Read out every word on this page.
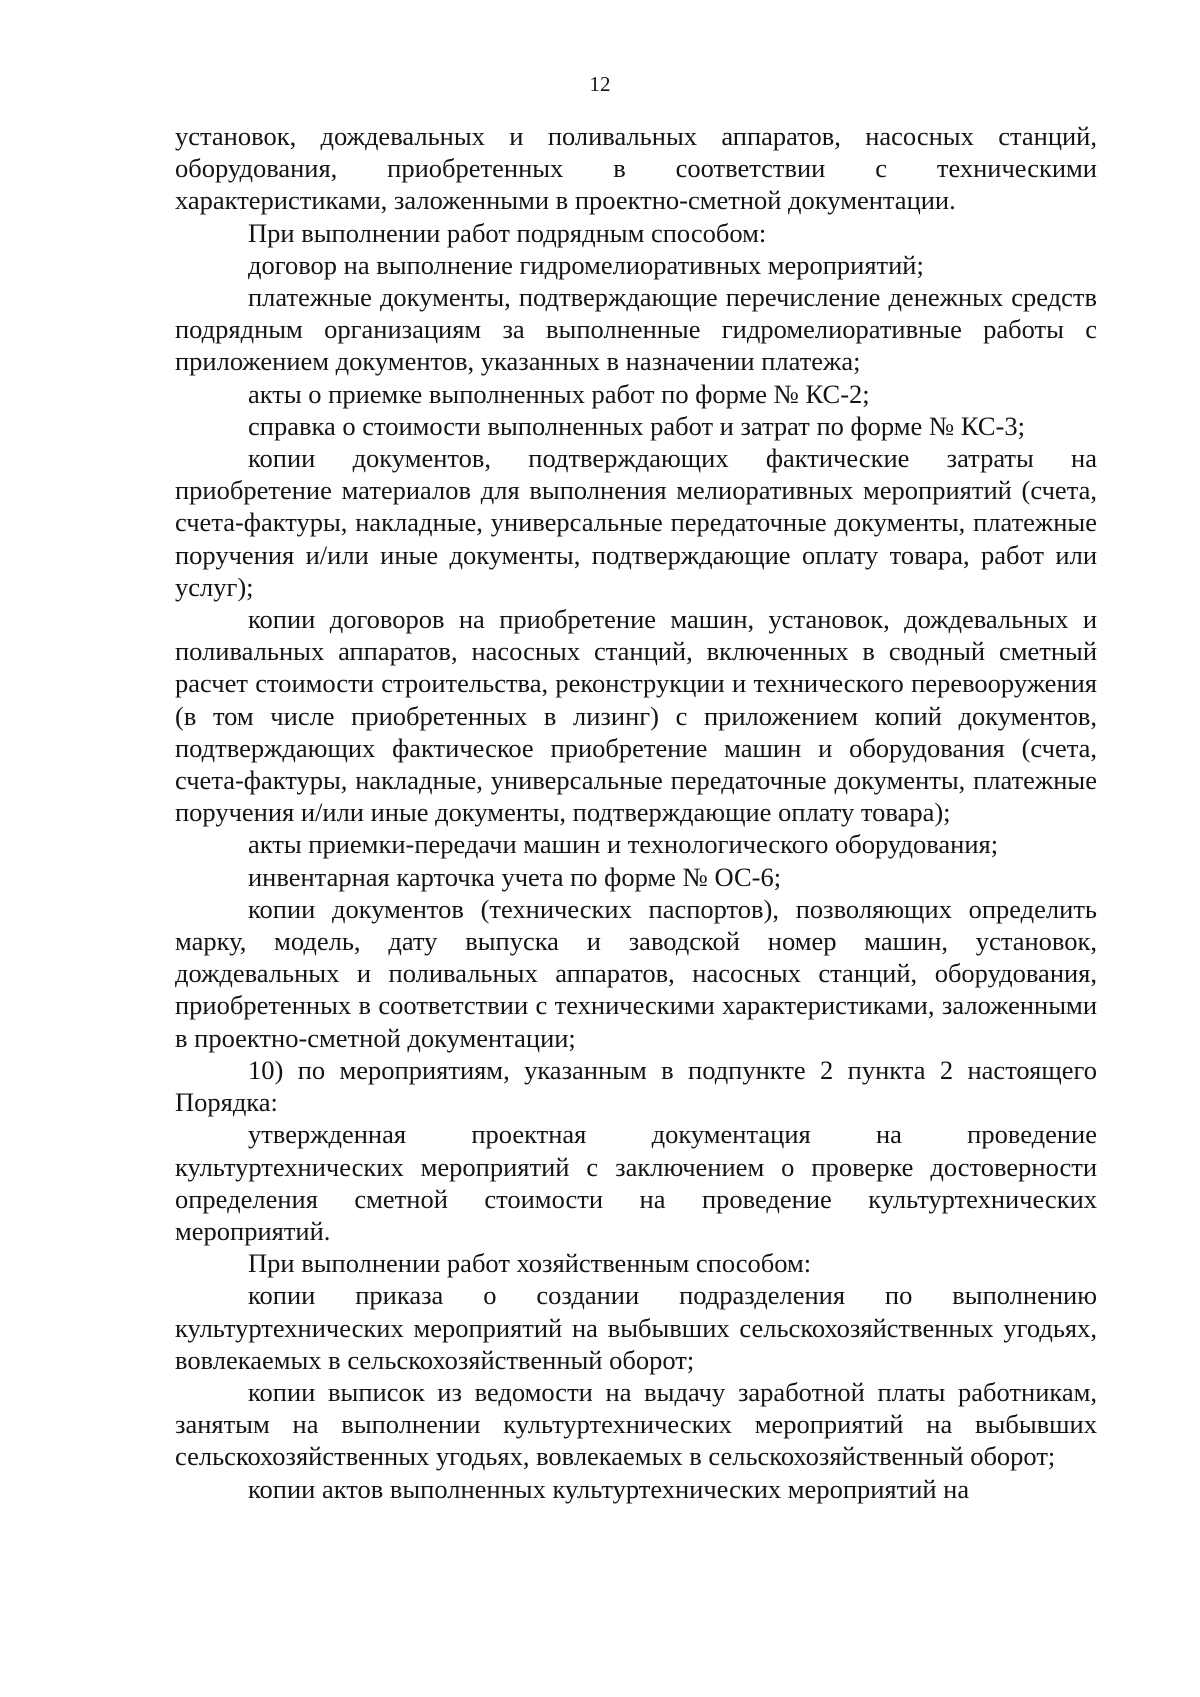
12

установок, дождевальных и поливальных аппаратов, насосных станций, оборудования, приобретенных в соответствии с техническими характеристиками, заложенными в проектно-сметной документации.

При выполнении работ подрядным способом:

договор на выполнение гидромелиоративных мероприятий;

платежные документы, подтверждающие перечисление денежных средств подрядным организациям за выполненные гидромелиоративные работы с приложением документов, указанных в назначении платежа;

акты о приемке выполненных работ по форме № КС-2;

справка о стоимости выполненных работ и затрат по форме № КС-3;

копии документов, подтверждающих фактические затраты на приобретение материалов для выполнения мелиоративных мероприятий (счета, счета-фактуры, накладные, универсальные передаточные документы, платежные поручения и/или иные документы, подтверждающие оплату товара, работ или услуг);

копии договоров на приобретение машин, установок, дождевальных и поливальных аппаратов, насосных станций, включенных в сводный сметный расчет стоимости строительства, реконструкции и технического перевооружения (в том числе приобретенных в лизинг) с приложением копий документов, подтверждающих фактическое приобретение машин и оборудования (счета, счета-фактуры, накладные, универсальные передаточные документы, платежные поручения и/или иные документы, подтверждающие оплату товара);

акты приемки-передачи машин и технологического оборудования;

инвентарная карточка учета по форме № ОС-6;

копии документов (технических паспортов), позволяющих определить марку, модель, дату выпуска и заводской номер машин, установок, дождевальных и поливальных аппаратов, насосных станций, оборудования, приобретенных в соответствии с техническими характеристиками, заложенными в проектно-сметной документации;

10) по мероприятиям, указанным в подпункте 2 пункта 2 настоящего Порядка:

утвержденная проектная документация на проведение культуртехнических мероприятий с заключением о проверке достоверности определения сметной стоимости на проведение культуртехнических мероприятий.

При выполнении работ хозяйственным способом:

копии приказа о создании подразделения по выполнению культуртехнических мероприятий на выбывших сельскохозяйственных угодьях, вовлекаемых в сельскохозяйственный оборот;

копии выписок из ведомости на выдачу заработной платы работникам, занятым на выполнении культуртехнических мероприятий на выбывших сельскохозяйственных угодьях, вовлекаемых в сельскохозяйственный оборот;

копии актов выполненных культуртехнических мероприятий на
